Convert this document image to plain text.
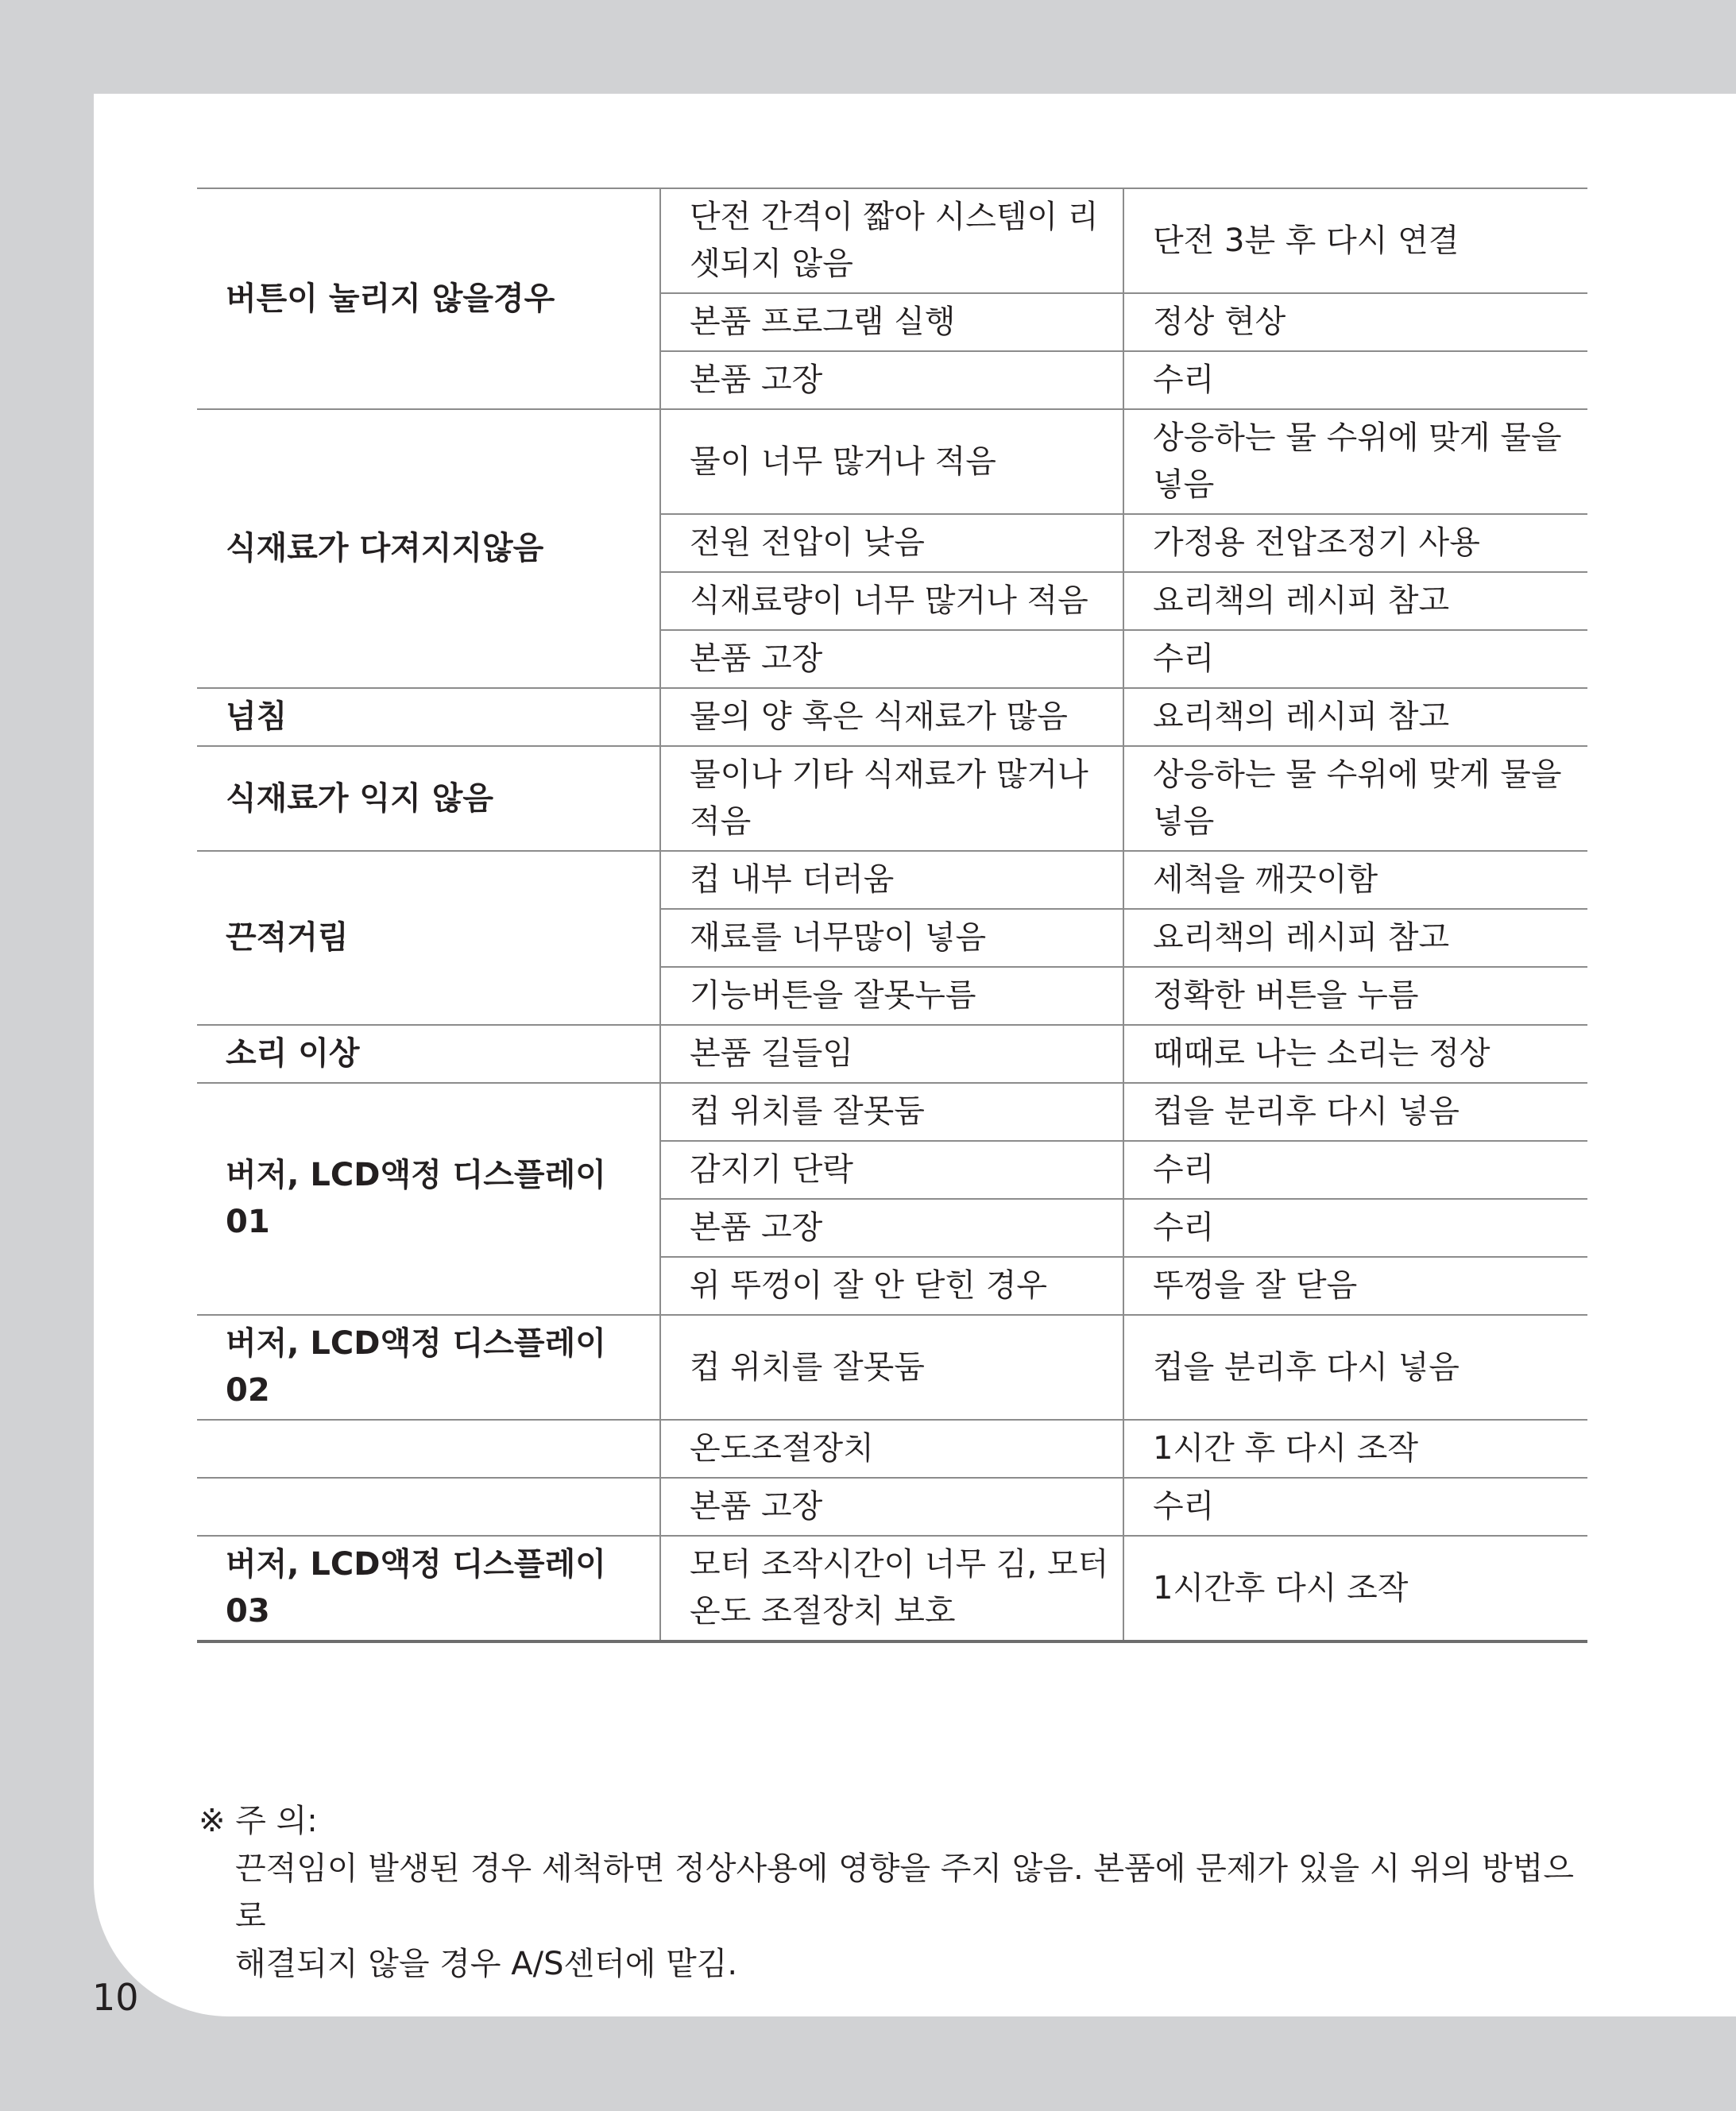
버튼이 눌리지 않을경우	단전 간격이 짧아 시스템이 리셋되지 않음	단전 3분 후 다시 연결
	본품 프로그램 실행	정상 현상
	본품 고장	수리
식재료가 다져지지않음	물이 너무 많거나 적음	상응하는 물 수위에 맞게 물을 넣음
	전원 전압이 낮음	가정용 전압조정기 사용
	식재료량이 너무 많거나 적음	요리책의 레시피 참고
	본품 고장	수리
넘침	물의 양 혹은 식재료가 많음	요리책의 레시피 참고
식재료가 익지 않음	물이나 기타 식재료가 많거나 적음	상응하는 물 수위에 맞게 물을 넣음
끈적거림	컵 내부 더러움	세척을 깨끗이함
	재료를 너무많이 넣음	요리책의 레시피 참고
	기능버튼을 잘못누름	정확한 버튼을 누름
소리 이상	본품 길들임	때때로 나는 소리는 정상
버저, LCD액정 디스플레이 01	컵 위치를 잘못둠	컵을 분리후 다시 넣음
	감지기 단락	수리
	본품 고장	수리
	위 뚜껑이 잘 안 닫힌 경우	뚜껑을 잘 닫음
버저, LCD액정 디스플레이 02	컵 위치를 잘못둠	컵을 분리후 다시 넣음
	온도조절장치	1시간 후 다시 조작
	본품 고장	수리
버저, LCD액정 디스플레이 03	모터 조작시간이 너무 김, 모터 온도 조절장치 보호	1시간후 다시 조작
※ 주 의:
끈적임이 발생된 경우 세척하면 정상사용에 영향을 주지 않음. 본품에 문제가 있을 시 위의 방법으로
해결되지 않을 경우 A/S센터에 맡김.
10
